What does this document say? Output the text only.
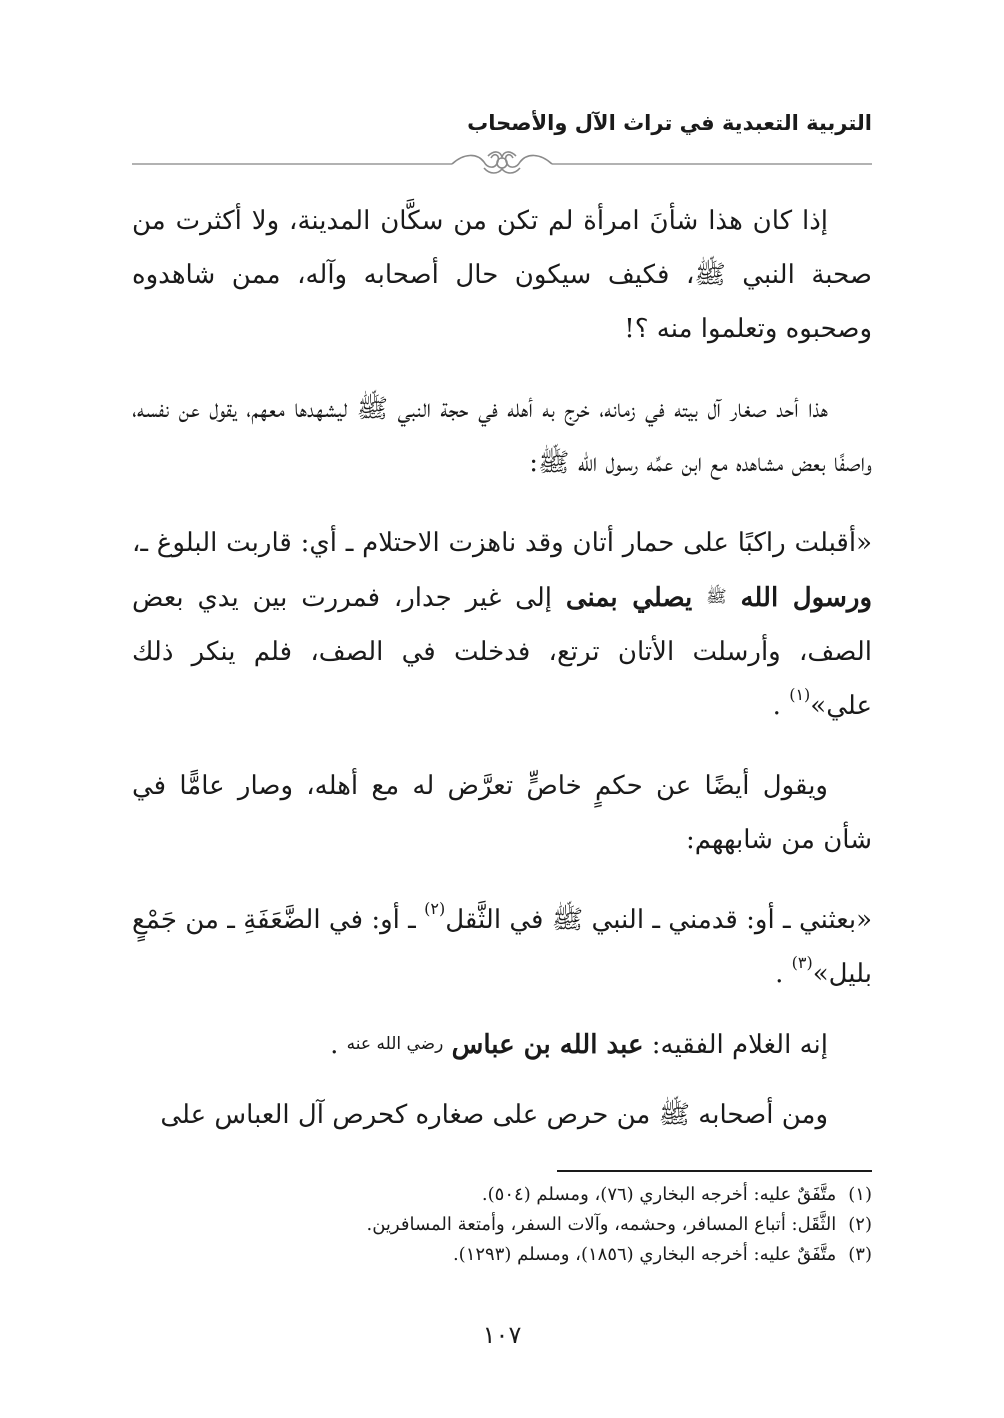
التربية التعبدية في تراث الآل والأصحاب

إذا كان هذا شأنَ امرأة لم تكن من سكَّان المدينة، ولا أكثرت من صحبة النبي ﷺ، فكيف سيكون حال أصحابه وآله، ممن شاهدوه وصحبوه وتعلموا منه ؟!

هذا أحد صغار آل بيته في زمانه، خرج به أهله في حجة النبي ﷺ ليشهدها معهم، يقول عن نفسه، واصفًا بعض مشاهده مع ابن عمِّه رسول الله ﷺ:

«أقبلت راكبًا على حمار أتان وقد ناهزت الاحتلام ـ أي: قاربت البلوغ ـ، ورسول الله ﷺ يصلي بمنى إلى غير جدار، فمررت بين يدي بعض الصف، وأرسلت الأتان ترتع، فدخلت في الصف، فلم ينكر ذلك علي»$^{(١)}$ .

ويقول أيضًا عن حكمٍ خاصٍّ تعرَّض له مع أهله، وصار عامًّا في شأن من شابههم:

«بعثني ـ أو: قدمني ـ النبي ﷺ في الثَّقل$^{(٢)}$ ـ أو: في الضَّعَفَةِ ـ من جَمْعٍ بليل»$^{(٣)}$ .

إنه الغلام الفقيه: عبد الله بن عباس رضي الله عنه .

ومن أصحابه ﷺ من حرص على صغاره كحرص آل العباس على

(١)متَّفَقٌ عليه: أخرجه البخاري (٧٦)، ومسلم (٥٠٤).
(٢)الثَّقَل: أتباع المسافر، وحشمه، وآلات السفر، وأمتعة المسافرين.
(٣)متَّفَقٌ عليه: أخرجه البخاري (١٨٥٦)، ومسلم (١٢٩٣).
١٠٧
